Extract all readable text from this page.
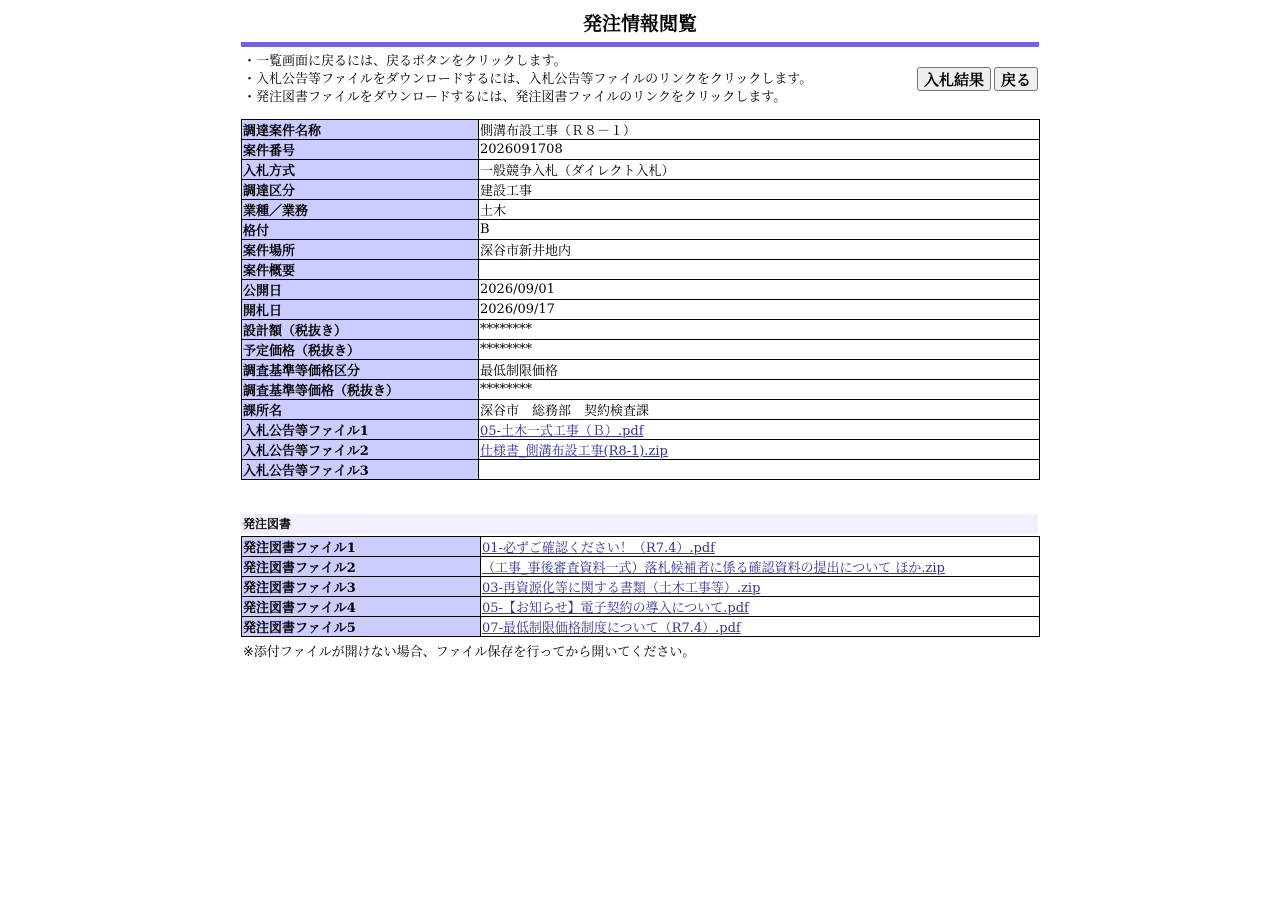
発注情報閲覧
・一覧画面に戻るには、戻るボタンをクリックします。
・入札公告等ファイルをダウンロードするには、入札公告等ファイルのリンクをクリックします。
・発注図書ファイルをダウンロードするには、発注図書ファイルのリンクをクリックします。
入札結果	戻る
調達案件名称	側溝布設工事（Ｒ８－１）
案件番号	2026091708
入札方式	一般競争入札（ダイレクト入札）
調達区分	建設工事
業種／業務	土木
格付	B
案件場所	深谷市新井地内
案件概要	
公開日	2026/09/01
開札日	2026/09/17
設計額（税抜き）	********
予定価格（税抜き）	********
調査基準等価格区分	最低制限価格
調査基準等価格（税抜き）	********
課所名	深谷市　総務部　契約検査課
入札公告等ファイル1	05-土木一式工事（Ｂ）.pdf
入札公告等ファイル2	仕様書_側溝布設工事(R8-1).zip
入札公告等ファイル3	
発注図書
発注図書ファイル1	01-必ずご確認ください！（R7.4）.pdf
発注図書ファイル2	（工事_事後審査資料一式）落札候補者に係る確認資料の提出について ほか.zip
発注図書ファイル3	03-再資源化等に関する書類（土木工事等）.zip
発注図書ファイル4	05-【お知らせ】電子契約の導入について.pdf
発注図書ファイル5	07-最低制限価格制度について（R7.4）.pdf
※添付ファイルが開けない場合、ファイル保存を行ってから開いてください。
